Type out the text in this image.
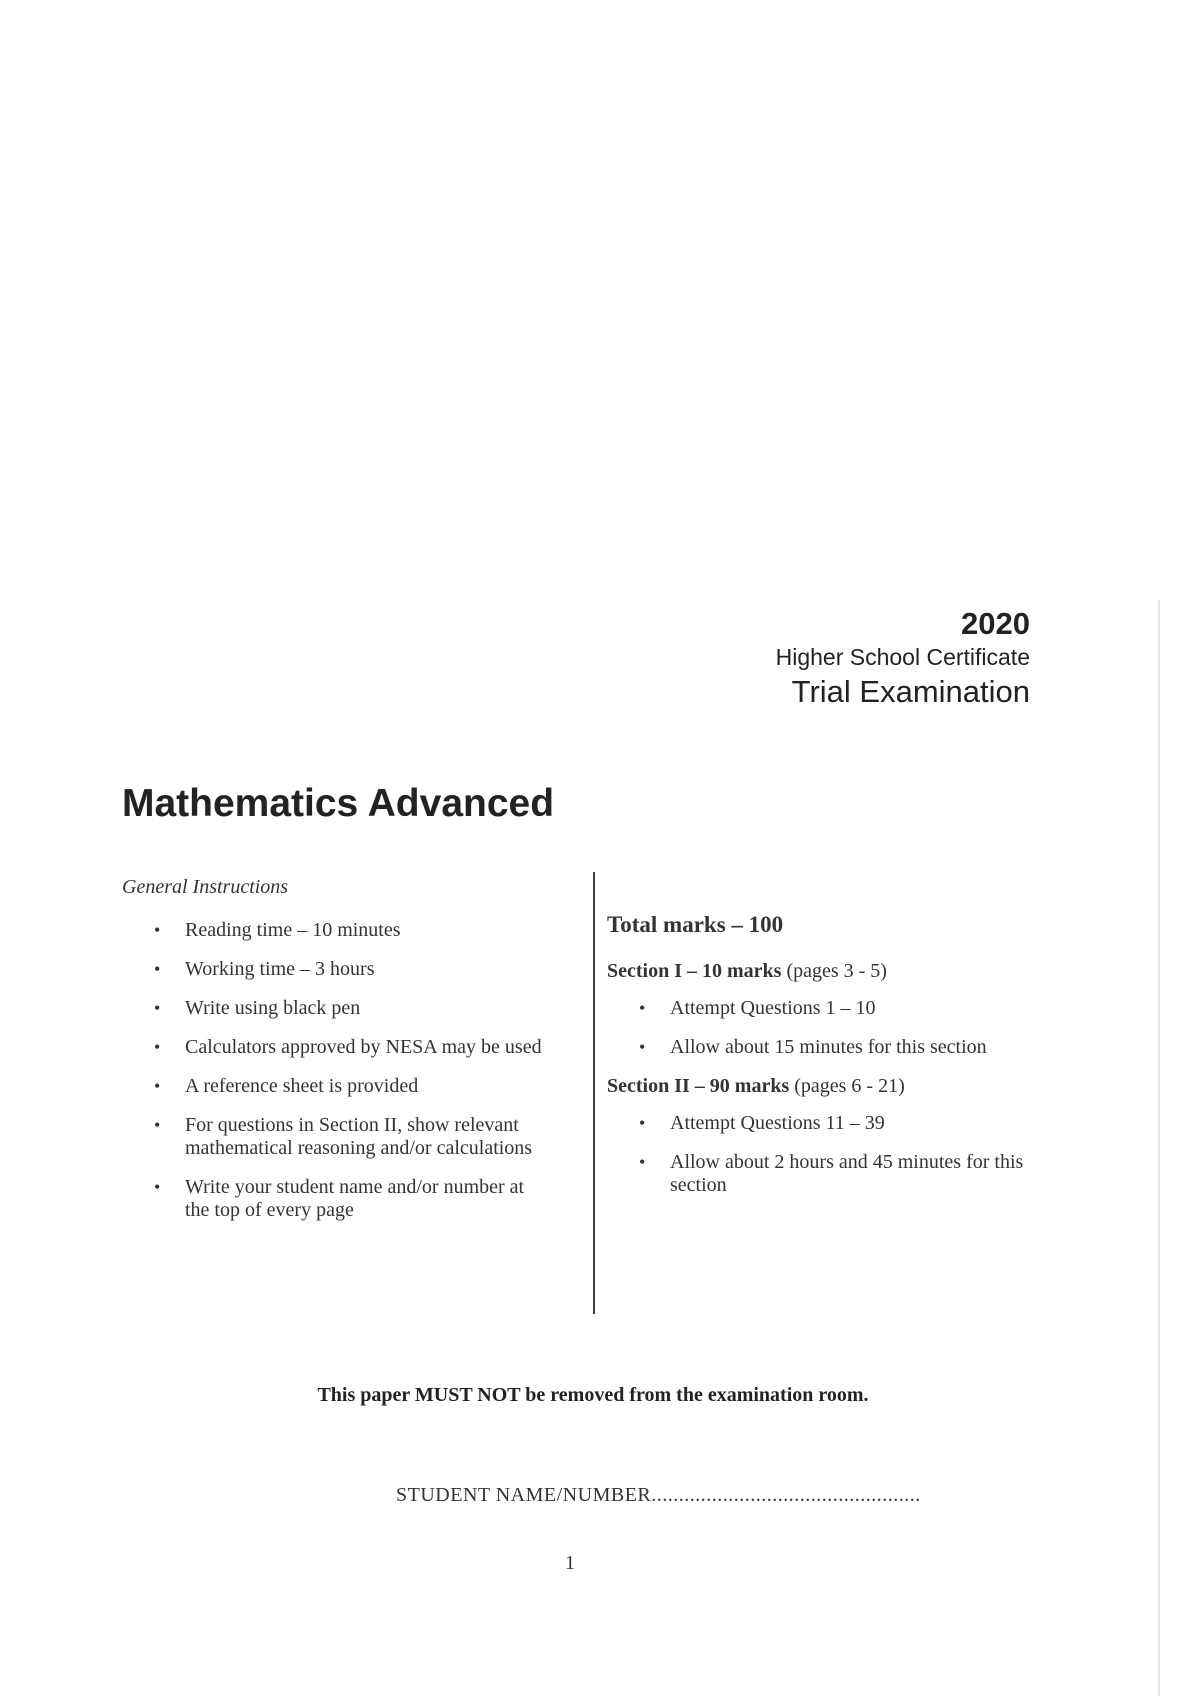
2020
Higher School Certificate
Trial Examination
Mathematics Advanced
General Instructions
• Reading time – 10 minutes
• Working time – 3 hours
• Write using black pen
• Calculators approved by NESA may be used
• A reference sheet is provided
• For questions in Section II, show relevant mathematical reasoning and/or calculations
• Write your student name and/or number at the top of every page
Total marks – 100
Section I – 10 marks (pages 3 - 5)
• Attempt Questions 1 – 10
• Allow about 15 minutes for this section
Section II – 90 marks (pages 6 - 21)
• Attempt Questions 11 – 39
• Allow about 2 hours and 45 minutes for this section
This paper MUST NOT be removed from the examination room.
STUDENT NAME/NUMBER.................................................
1
